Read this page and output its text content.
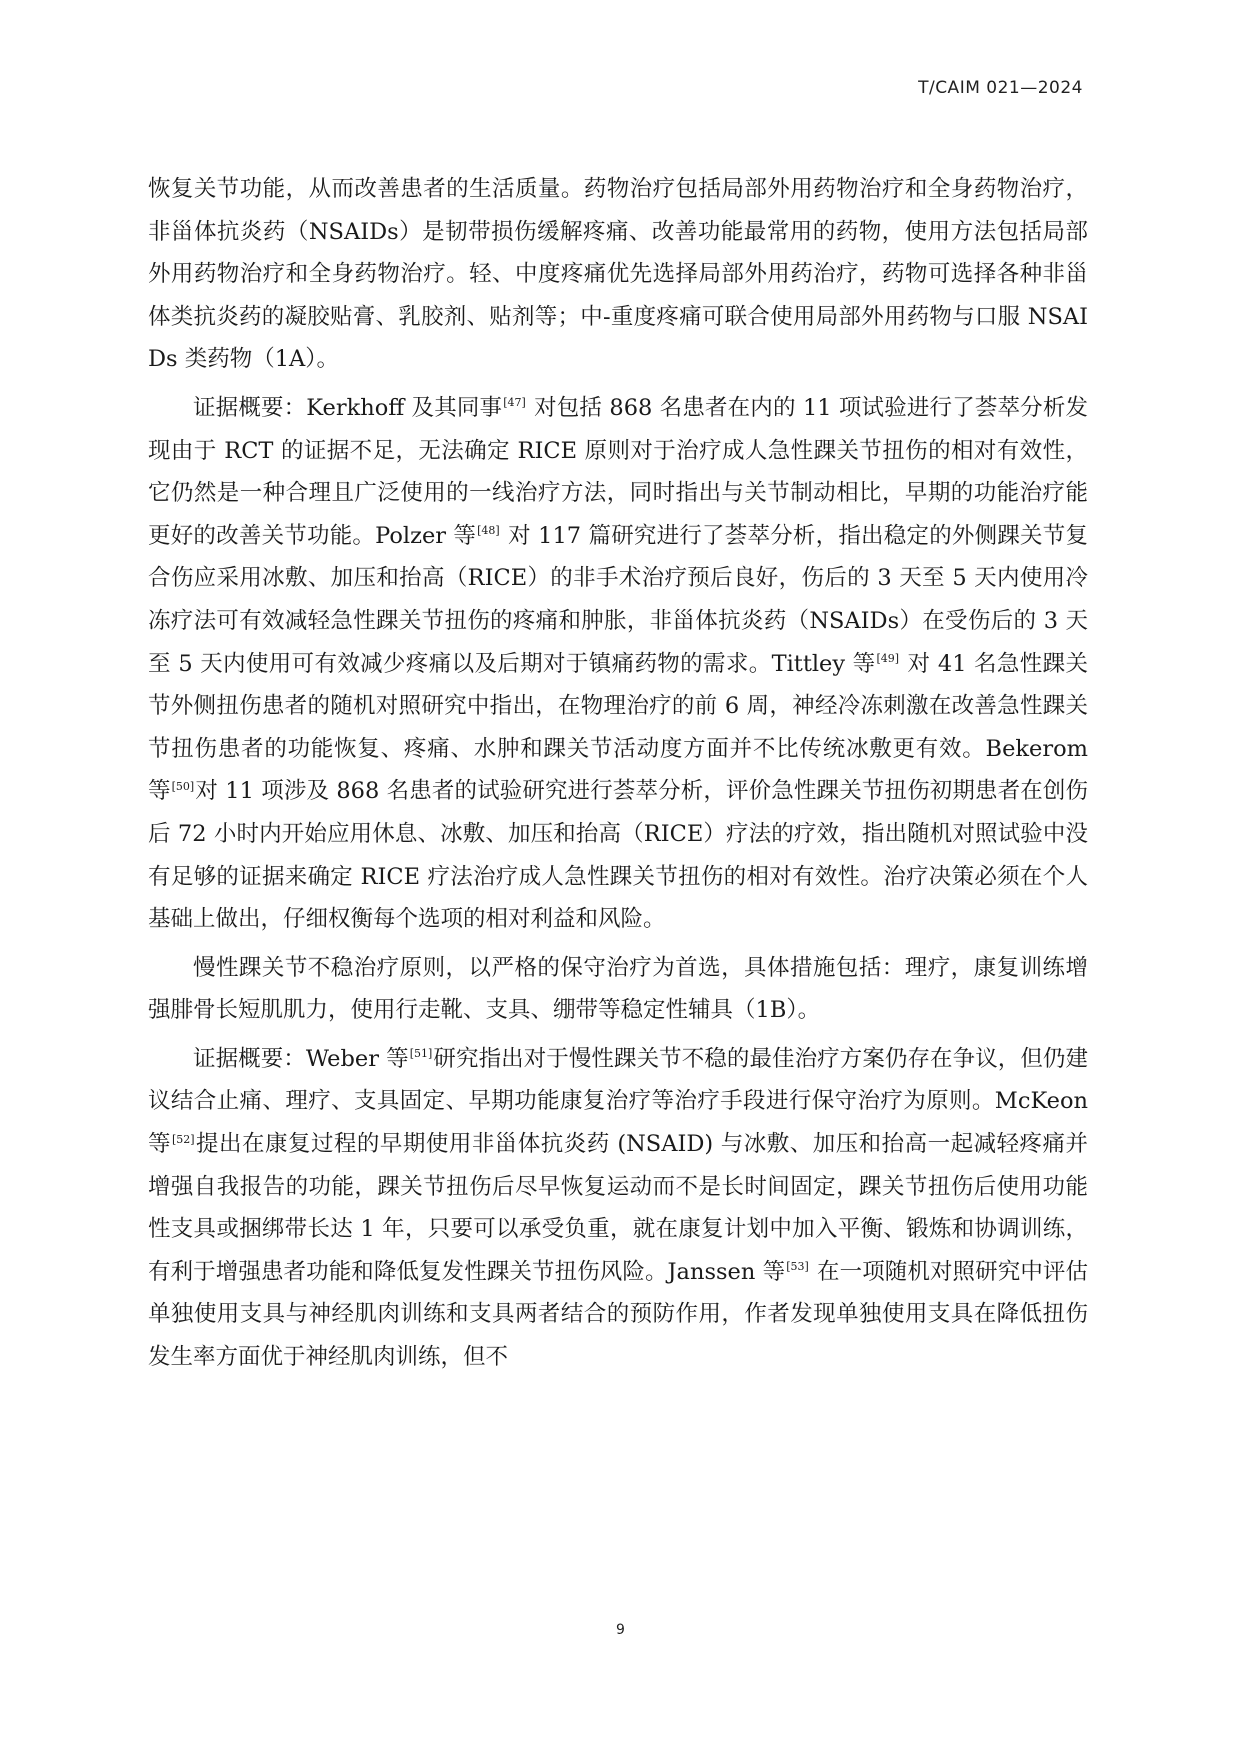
T/CAIM 021—2024

恢复关节功能，从而改善患者的生活质量。药物治疗包括局部外用药物治疗和全身药物治疗，非甾体抗炎药（NSAIDs）是韧带损伤缓解疼痛、改善功能最常用的药物，使用方法包括局部外用药物治疗和全身药物治疗。轻、中度疼痛优先选择局部外用药治疗，药物可选择各种非甾体类抗炎药的凝胶贴膏、乳胶剂、贴剂等；中-重度疼痛可联合使用局部外用药物与口服 NSAIDs 类药物（1A）。

证据概要：Kerkhoff 及其同事[47] 对包括 868 名患者在内的 11 项试验进行了荟萃分析发现由于 RCT 的证据不足，无法确定 RICE 原则对于治疗成人急性踝关节扭伤的相对有效性，它仍然是一种合理且广泛使用的一线治疗方法，同时指出与关节制动相比，早期的功能治疗能更好的改善关节功能。Polzer 等[48] 对 117 篇研究进行了荟萃分析，指出稳定的外侧踝关节复合伤应采用冰敷、加压和抬高（RICE）的非手术治疗预后良好，伤后的 3 天至 5 天内使用冷冻疗法可有效减轻急性踝关节扭伤的疼痛和肿胀，非甾体抗炎药（NSAIDs）在受伤后的 3 天至 5 天内使用可有效减少疼痛以及后期对于镇痛药物的需求。Tittley 等[49] 对 41 名急性踝关节外侧扭伤患者的随机对照研究中指出，在物理治疗的前 6 周，神经冷冻刺激在改善急性踝关节扭伤患者的功能恢复、疼痛、水肿和踝关节活动度方面并不比传统冰敷更有效。Bekerom 等[50]对 11 项涉及 868 名患者的试验研究进行荟萃分析，评价急性踝关节扭伤初期患者在创伤后 72 小时内开始应用休息、冰敷、加压和抬高（RICE）疗法的疗效，指出随机对照试验中没有足够的证据来确定 RICE 疗法治疗成人急性踝关节扭伤的相对有效性。治疗决策必须在个人基础上做出，仔细权衡每个选项的相对利益和风险。

慢性踝关节不稳治疗原则，以严格的保守治疗为首选，具体措施包括：理疗，康复训练增强腓骨长短肌肌力，使用行走靴、支具、绷带等稳定性辅具（1B）。

证据概要：Weber 等[51]研究指出对于慢性踝关节不稳的最佳治疗方案仍存在争议，但仍建议结合止痛、理疗、支具固定、早期功能康复治疗等治疗手段进行保守治疗为原则。McKeon 等[52]提出在康复过程的早期使用非甾体抗炎药 (NSAID) 与冰敷、加压和抬高一起减轻疼痛并增强自我报告的功能，踝关节扭伤后尽早恢复运动而不是长时间固定，踝关节扭伤后使用功能性支具或捆绑带长达 1 年，只要可以承受负重，就在康复计划中加入平衡、锻炼和协调训练，有利于增强患者功能和降低复发性踝关节扭伤风险。Janssen 等[53] 在一项随机对照研究中评估单独使用支具与神经肌肉训练和支具两者结合的预防作用，作者发现单独使用支具在降低扭伤发生率方面优于神经肌肉训练，但不

9
